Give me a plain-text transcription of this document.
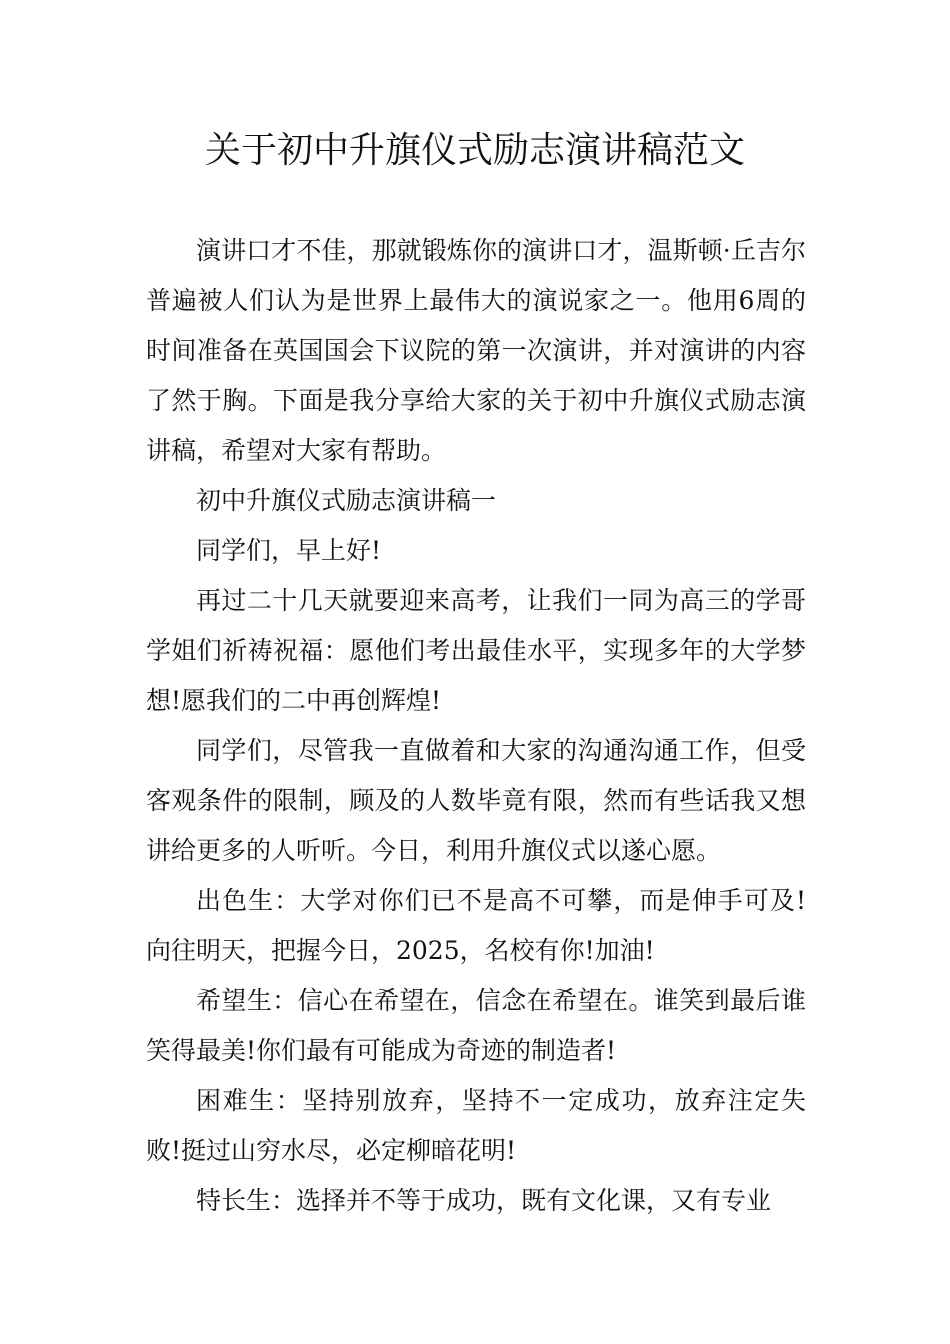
关于初中升旗仪式励志演讲稿范文

演讲口才不佳，那就锻炼你的演讲口才，温斯顿·丘吉尔普遍被人们认为是世界上最伟大的演说家之一。他用6周的时间准备在英国国会下议院的第一次演讲，并对演讲的内容了然于胸。下面是我分享给大家的关于初中升旗仪式励志演讲稿，希望对大家有帮助。

初中升旗仪式励志演讲稿一

同学们，早上好!

再过二十几天就要迎来高考，让我们一同为高三的学哥学姐们祈祷祝福：愿他们考出最佳水平，实现多年的大学梦想!愿我们的二中再创辉煌!

同学们，尽管我一直做着和大家的沟通沟通工作，但受客观条件的限制，顾及的人数毕竟有限，然而有些话我又想讲给更多的人听听。今日，利用升旗仪式以遂心愿。

出色生：大学对你们已不是高不可攀，而是伸手可及!向往明天，把握今日，2025，名校有你!加油!

希望生：信心在希望在，信念在希望在。谁笑到最后谁笑得最美!你们最有可能成为奇迹的制造者!

困难生：坚持别放弃，坚持不一定成功，放弃注定失败!挺过山穷水尽，必定柳暗花明!

特长生：选择并不等于成功，既有文化课，又有专业
